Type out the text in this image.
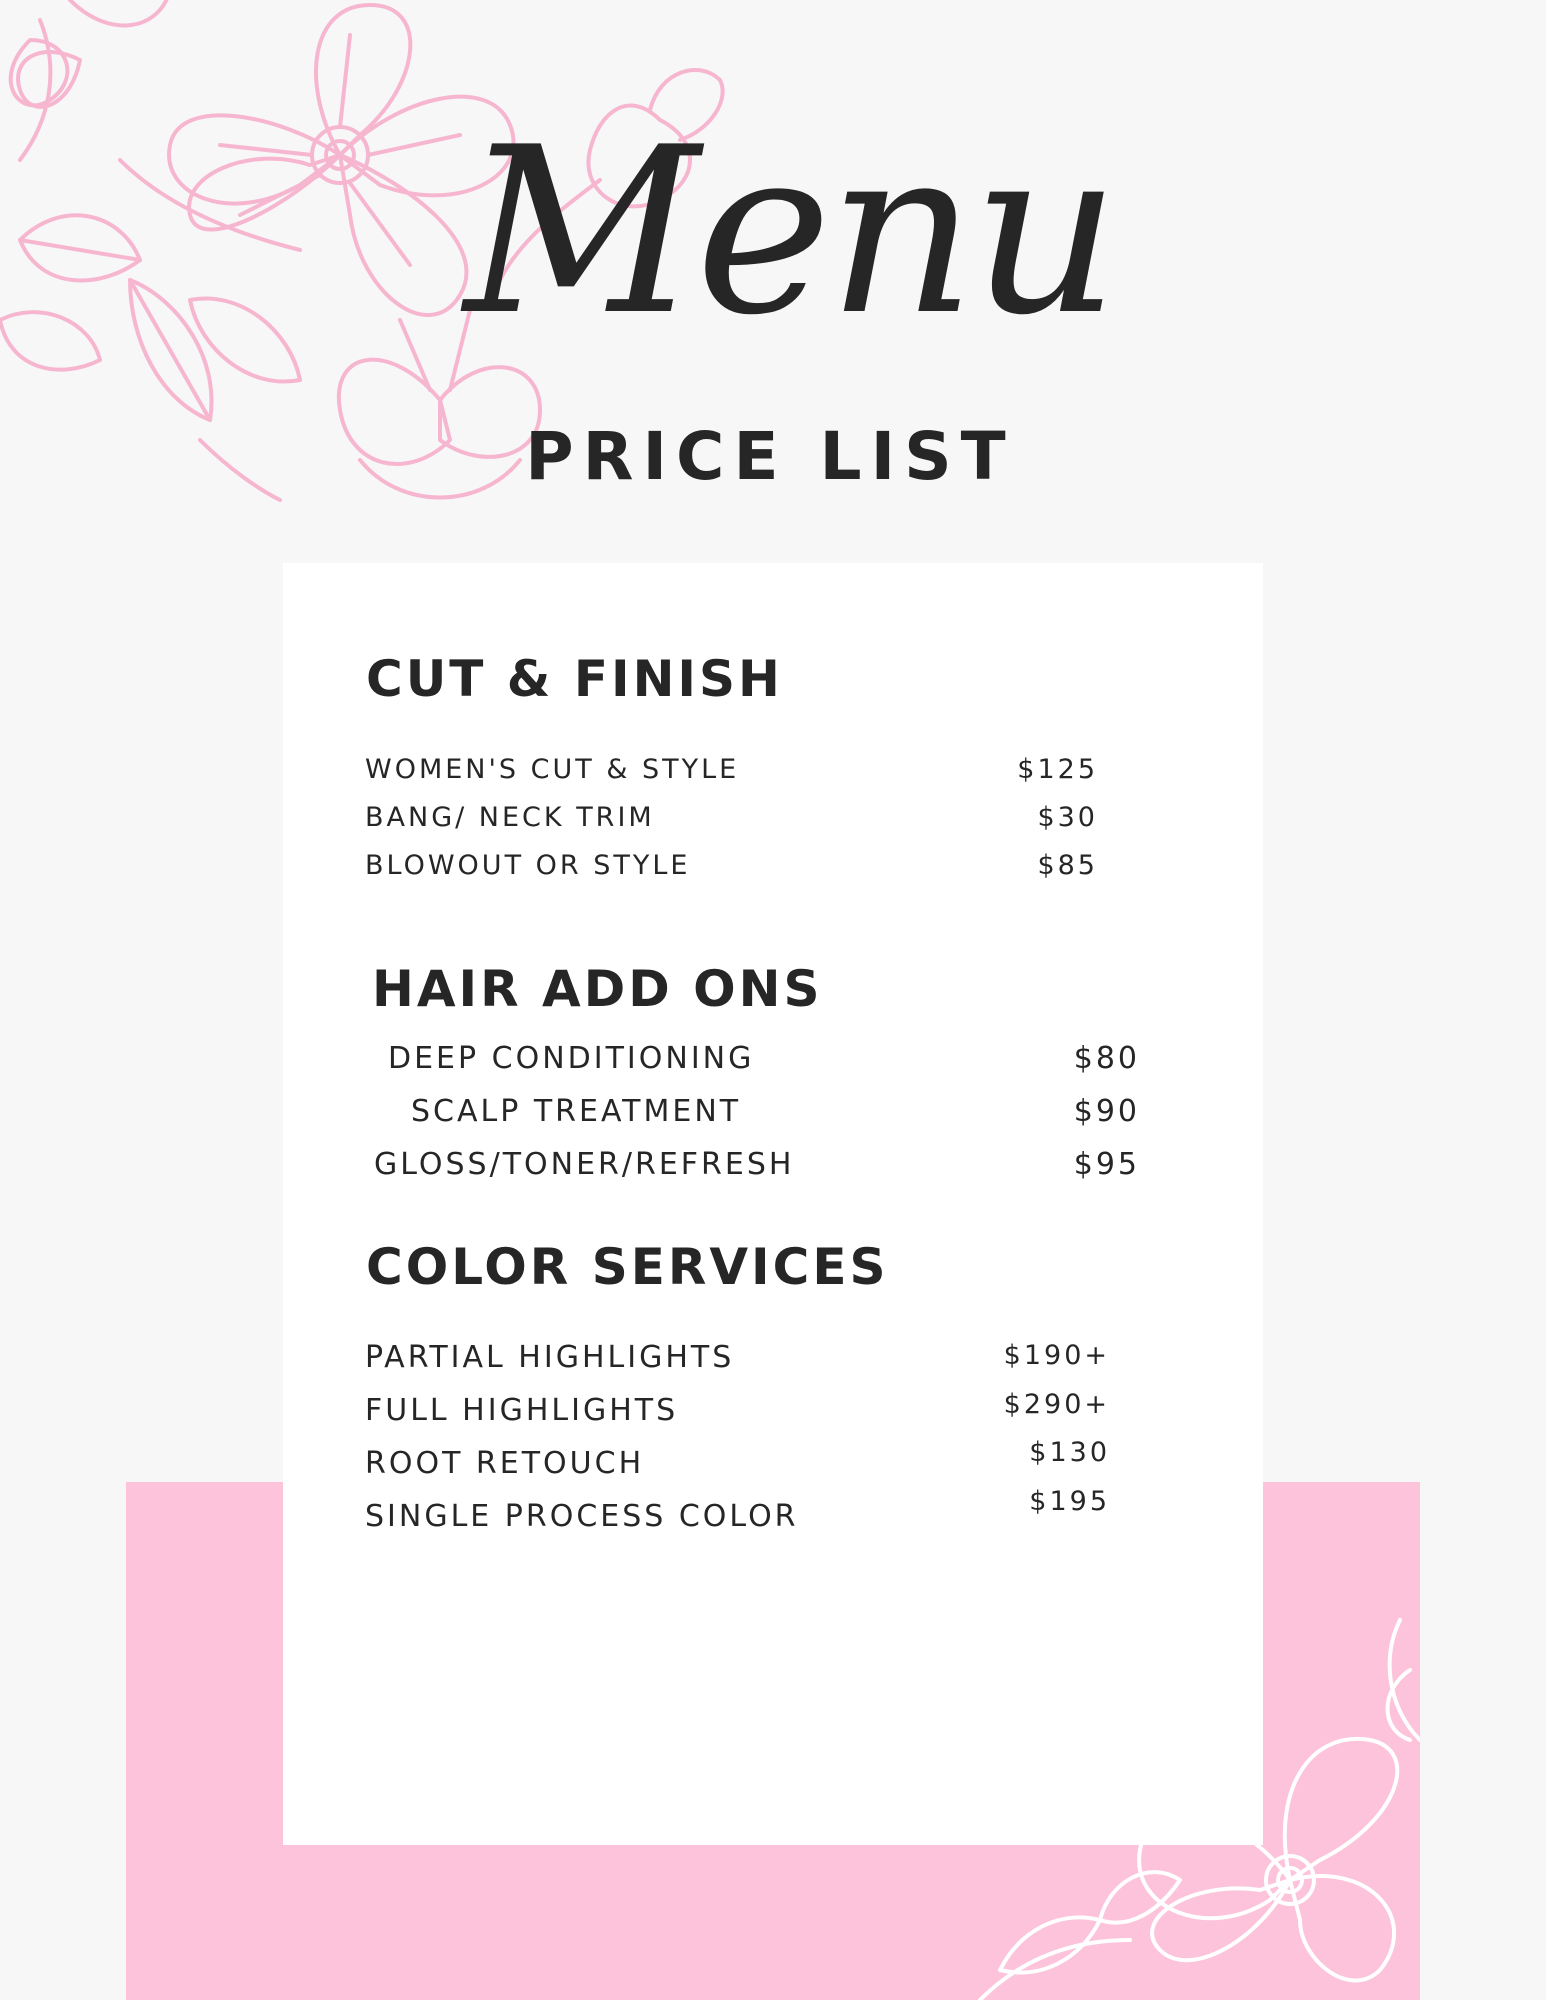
Menu
PRICE LIST
CUT & FINISH
WOMEN'S CUT & STYLE	$125
BANG/ NECK TRIM	$30
BLOWOUT OR STYLE	$85
HAIR ADD ONS
DEEP CONDITIONING	$80
SCALP TREATMENT	$90
GLOSS/TONER/REFRESH	$95
COLOR SERVICES
PARTIAL HIGHLIGHTS	$190+
FULL HIGHLIGHTS	$290+
ROOT RETOUCH	$130
SINGLE PROCESS COLOR	$195
